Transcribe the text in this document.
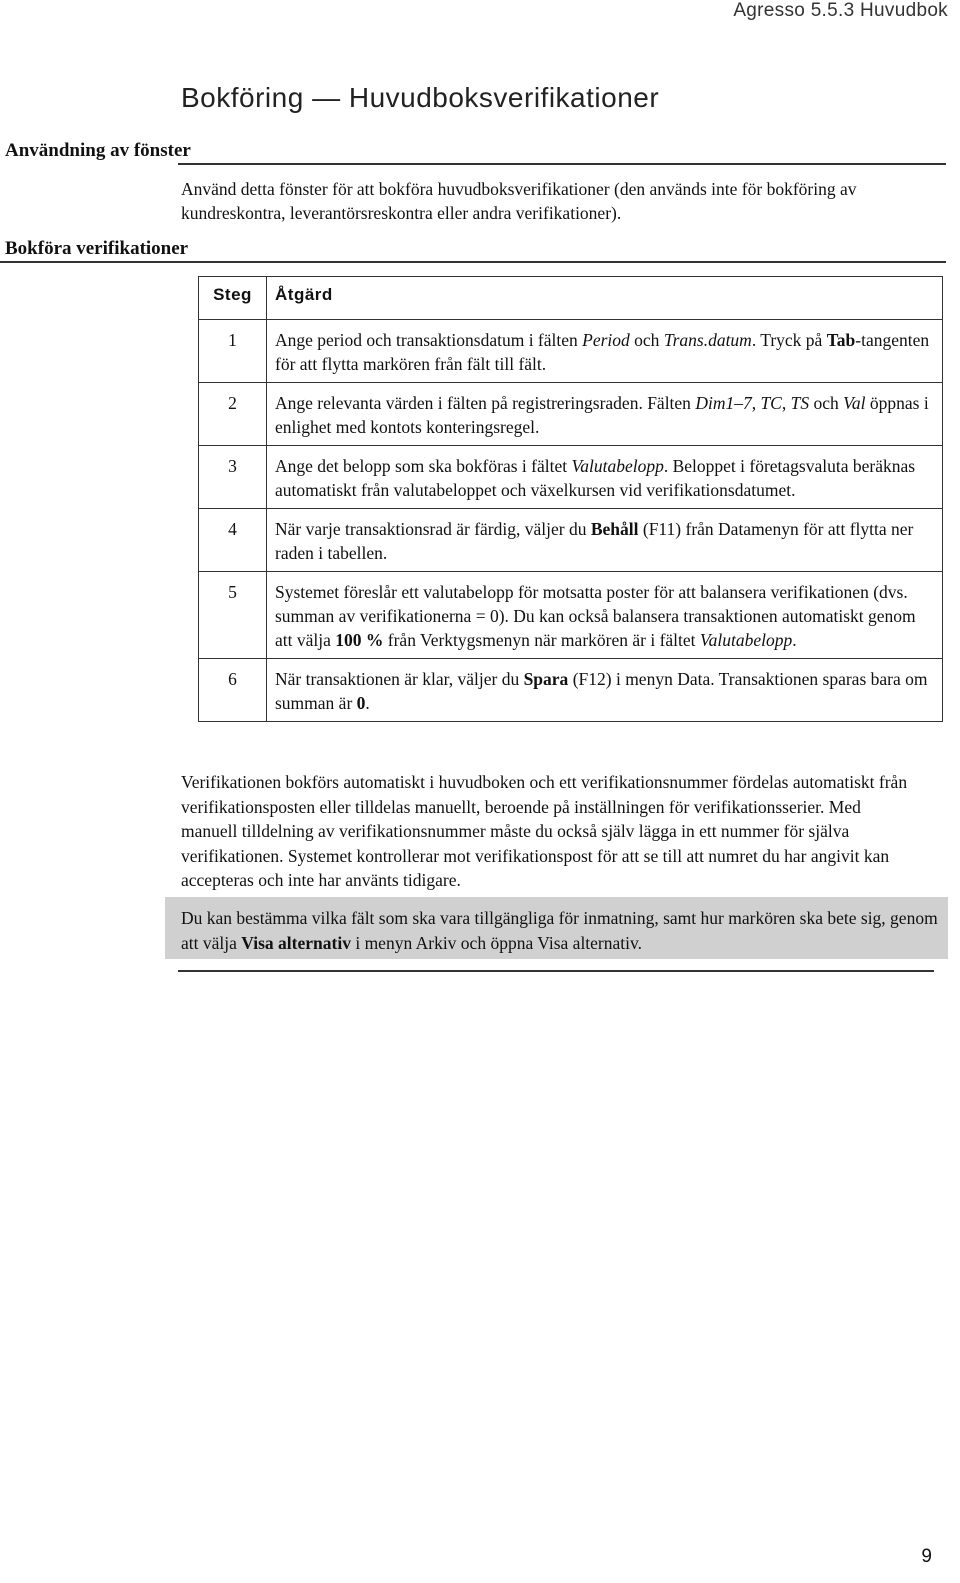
Agresso 5.5.3 Huvudbok
Bokföring — Huvudboksverifikationer
Användning av fönster
Bokföra verifikationer
Använd detta fönster för att bokföra huvudboksverifikationer (den används inte för bokföring av kundreskontra, leverantörsreskontra eller andra verifikationer).
Steg	Åtgärd
1	Ange period och transaktionsdatum i fälten Period och Trans.datum. Tryck på Tab-tangenten för att flytta markören från fält till fält.
2	Ange relevanta värden i fälten på registreringsraden. Fälten Dim1–7, TC, TS och Val öppnas i enlighet med kontots konteringsregel.
3	Ange det belopp som ska bokföras i fältet Valutabelopp. Beloppet i företagsvaluta beräknas automatiskt från valutabeloppet och växelkursen vid verifikationsdatumet.
4	När varje transaktionsrad är färdig, väljer du Behåll (F11) från Datamenyn för att flytta ner raden i tabellen.
5	Systemet föreslår ett valutabelopp för motsatta poster för att balansera verifikationen (dvs. summan av verifikationerna = 0). Du kan också balansera transaktionen automatiskt genom att välja 100 % från Verktygsmenyn när markören är i fältet Valutabelopp.
6	När transaktionen är klar, väljer du Spara (F12) i menyn Data. Transaktionen sparas bara om summan är 0.
Verifikationen bokförs automatiskt i huvudboken och ett verifikationsnummer fördelas automatiskt från verifikationsposten eller tilldelas manuellt, beroende på inställningen för verifikationsserier. Med manuell tilldelning av verifikationsnummer måste du också själv lägga in ett nummer för själva verifikationen. Systemet kontrollerar mot verifikationspost för att se till att numret du har angivit kan accepteras och inte har använts tidigare.
Du kan bestämma vilka fält som ska vara tillgängliga för inmatning, samt hur markören ska bete sig, genom att välja Visa alternativ i menyn Arkiv och öppna Visa alternativ.
9
